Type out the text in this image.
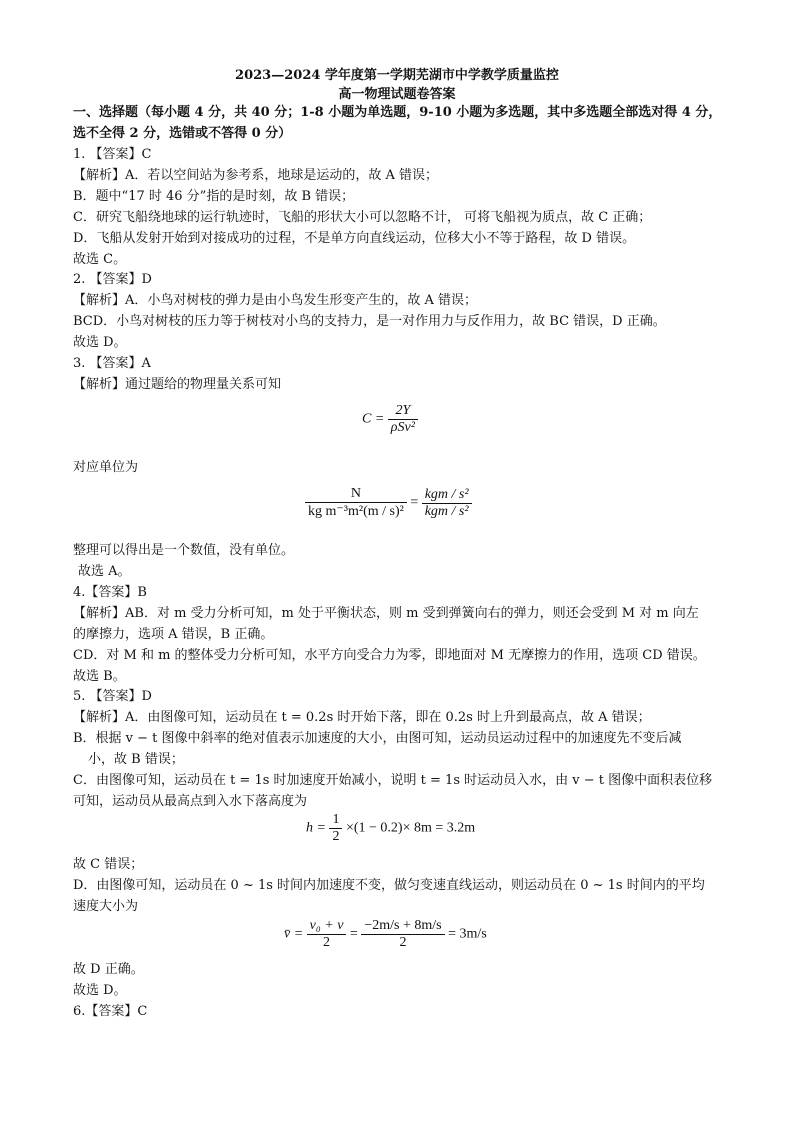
2023—2024 学年度第一学期芜湖市中学教学质量监控
高一物理试题卷答案
一、选择题（每小题 4 分，共 40 分；1-8 小题为单选题，9-10 小题为多选题，其中多选题全部选对得 4 分，
选不全得 2 分，选错或不答得 0 分）
1. 【答案】C
【解析】A．若以空间站为参考系，地球是运动的，故 A 错误；
B．题中“17 时 46 分”指的是时刻，故 B 错误；
C．研究飞船绕地球的运行轨迹时，飞船的形状大小可以忽略不计， 可将飞船视为质点，故 C 正确；
D．飞船从发射开始到对接成功的过程，不是单方向直线运动，位移大小不等于路程，故 D 错误。
故选 C。
2. 【答案】D
【解析】A．小鸟对树枝的弹力是由小鸟发生形变产生的，故 A 错误；
BCD．小鸟对树枝的压力等于树枝对小鸟的支持力，是一对作用力与反作用力，故 BC 错误，D 正确。
故选 D。
3. 【答案】A
【解析】通过题给的物理量关系可知
$C = \frac{2Y}{\text{ρSv²}}$
对应单位为
$\frac{N}{\text{kg m⁻³m²(m / s)²}} = \frac{\text{kgm / s²}}{\text{kgm / s²}}$
整理可以得出是一个数值，没有单位。
故选 A。
4.【答案】B
【解析】AB．对 m 受力分析可知，m 处于平衡状态，则 m 受到弹簧向右的弹力，则还会受到 M 对 m 向左
的摩擦力，选项 A 错误，B 正确。
CD．对 M 和 m 的整体受力分析可知，水平方向受合力为零，即地面对 M 无摩擦力的作用，选项 CD 错误。
故选 B。
5. 【答案】D
【解析】A．由图像可知，运动员在 t = 0.2s 时开始下落，即在 0.2s 时上升到最高点，故 A 错误；
B．根据 v − t 图像中斜率的绝对值表示加速度的大小，由图可知，运动员运动过程中的加速度先不变后减
小，故 B 错误；
C．由图像可知，运动员在 t = 1s 时加速度开始减小，说明 t = 1s 时运动员入水，由 v − t 图像中面积表位移
可知，运动员从最高点到入水下落高度为
$h = \frac{1}{2} \times(1 - 0.2)\times 8m = 3.2m$
故 C 错误；
D．由图像可知，运动员在 0 ~ 1s 时间内加速度不变，做匀变速直线运动，则运动员在 0 ~ 1s 时间内的平均
速度大小为
v̄ = $\frac{\text{v₀ + v}}{2} = \frac{-2m/s + 8m/s}{2} = 3m/s$
故 D 正确。
故选 D。
6.【答案】C
